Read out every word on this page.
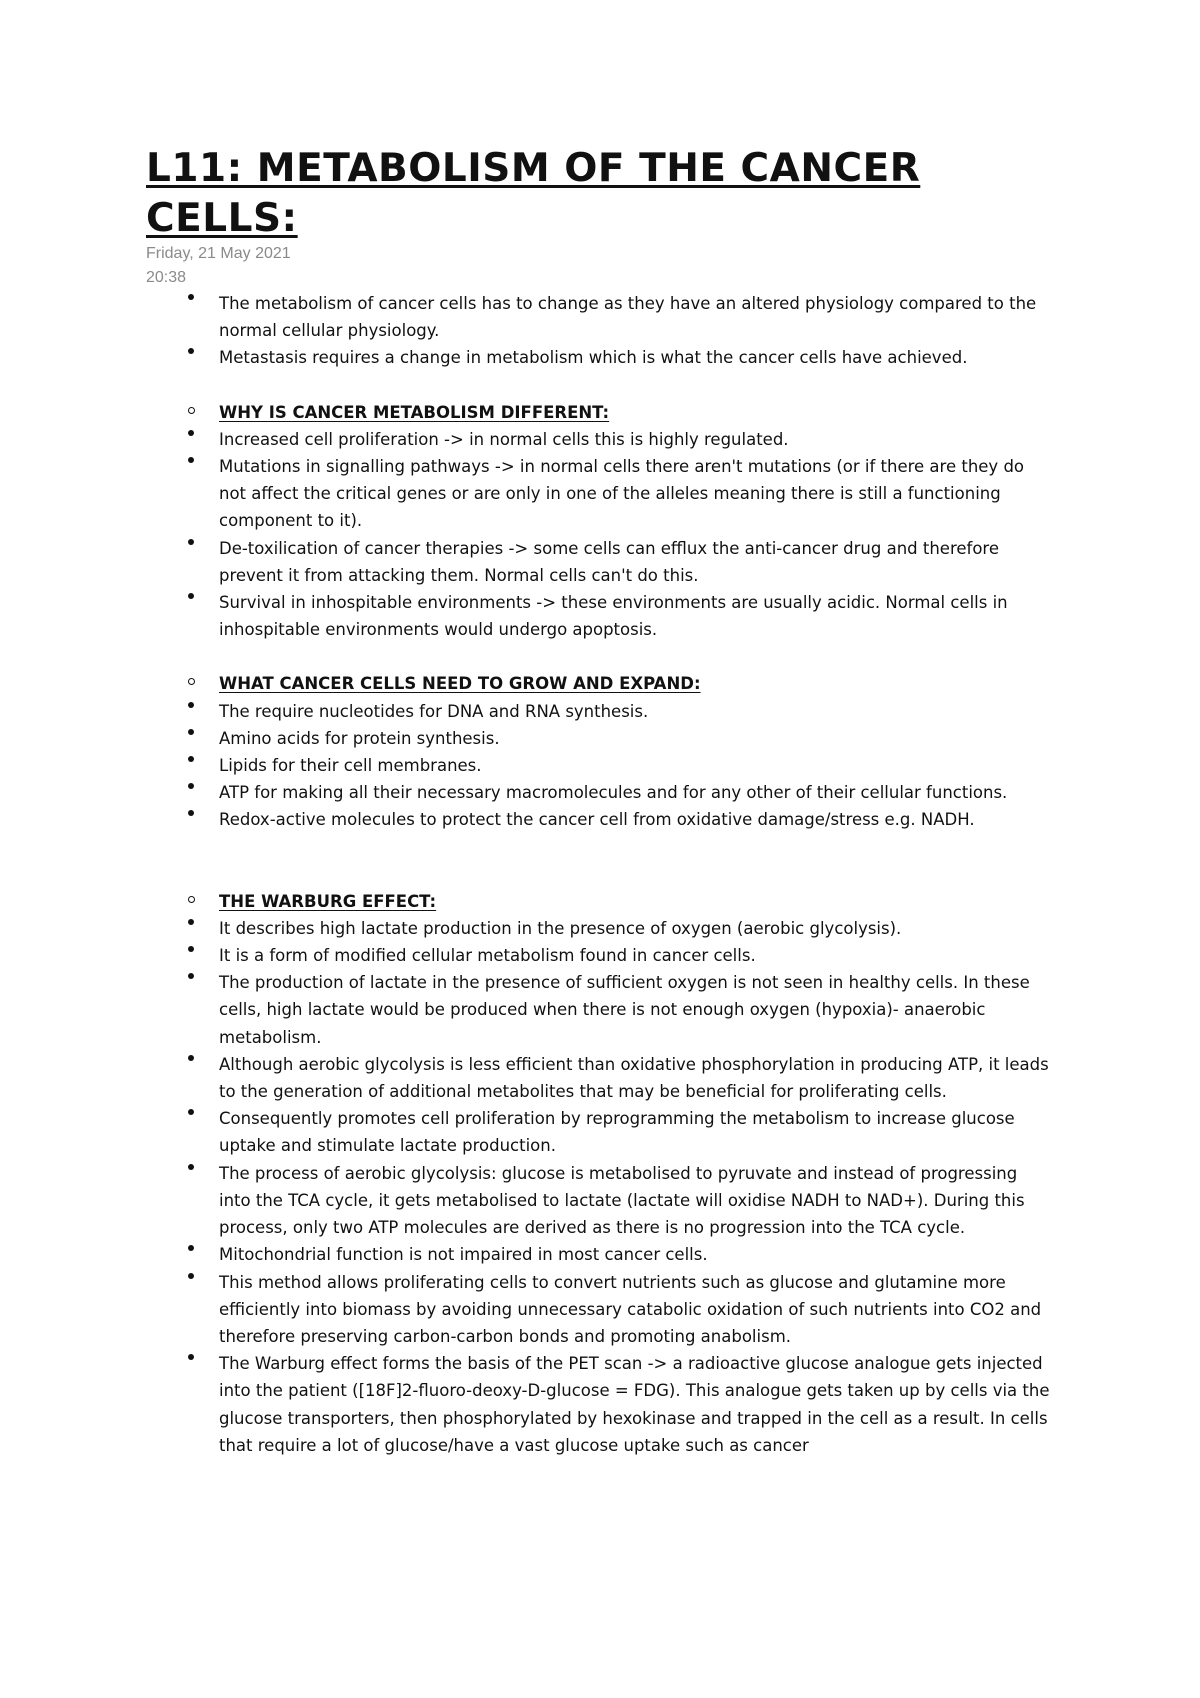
L11: METABOLISM OF THE CANCER CELLS:
Friday, 21 May 2021
20:38
The metabolism of cancer cells has to change as they have an altered physiology compared to the normal cellular physiology.
Metastasis requires a change in metabolism which is what the cancer cells have achieved.
WHY IS CANCER METABOLISM DIFFERENT:
Increased cell proliferation -> in normal cells this is highly regulated.
Mutations in signalling pathways -> in normal cells there aren't mutations (or if there are they do not affect the critical genes or are only in one of the alleles meaning there is still a functioning component to it).
De-toxilication of cancer therapies -> some cells can efflux the anti-cancer drug and therefore prevent it from attacking them. Normal cells can't do this.
Survival in inhospitable environments -> these environments are usually acidic. Normal cells in inhospitable environments would undergo apoptosis.
WHAT CANCER CELLS NEED TO GROW AND EXPAND:
The require nucleotides for DNA and RNA synthesis.
Amino acids for protein synthesis.
Lipids for their cell membranes.
ATP for making all their necessary macromolecules and for any other of their cellular functions.
Redox-active molecules to protect the cancer cell from oxidative damage/stress e.g. NADH.
THE WARBURG EFFECT:
It describes high lactate production in the presence of oxygen (aerobic glycolysis).
It is a form of modified cellular metabolism found in cancer cells.
The production of lactate in the presence of sufficient oxygen is not seen in healthy cells. In these cells, high lactate would be produced when there is not enough oxygen (hypoxia)- anaerobic metabolism.
Although aerobic glycolysis is less efficient than oxidative phosphorylation in producing ATP, it leads to the generation of additional metabolites that may be beneficial for proliferating cells.
Consequently promotes cell proliferation by reprogramming the metabolism to increase glucose uptake and stimulate lactate production.
The process of aerobic glycolysis: glucose is metabolised to pyruvate and instead of progressing into the TCA cycle, it gets metabolised to lactate (lactate will oxidise NADH to NAD+). During this process, only two ATP molecules are derived as there is no progression into the TCA cycle.
Mitochondrial function is not impaired in most cancer cells.
This method allows proliferating cells to convert nutrients such as glucose and glutamine more efficiently into biomass by avoiding unnecessary catabolic oxidation of such nutrients into CO2 and therefore preserving carbon-carbon bonds and promoting anabolism.
The Warburg effect forms the basis of the PET scan -> a radioactive glucose analogue gets injected into the patient ([18F]2-fluoro-deoxy-D-glucose = FDG). This analogue gets taken up by cells via the glucose transporters, then phosphorylated by hexokinase and trapped in the cell as a result. In cells that require a lot of glucose/have a vast glucose uptake such as cancer
